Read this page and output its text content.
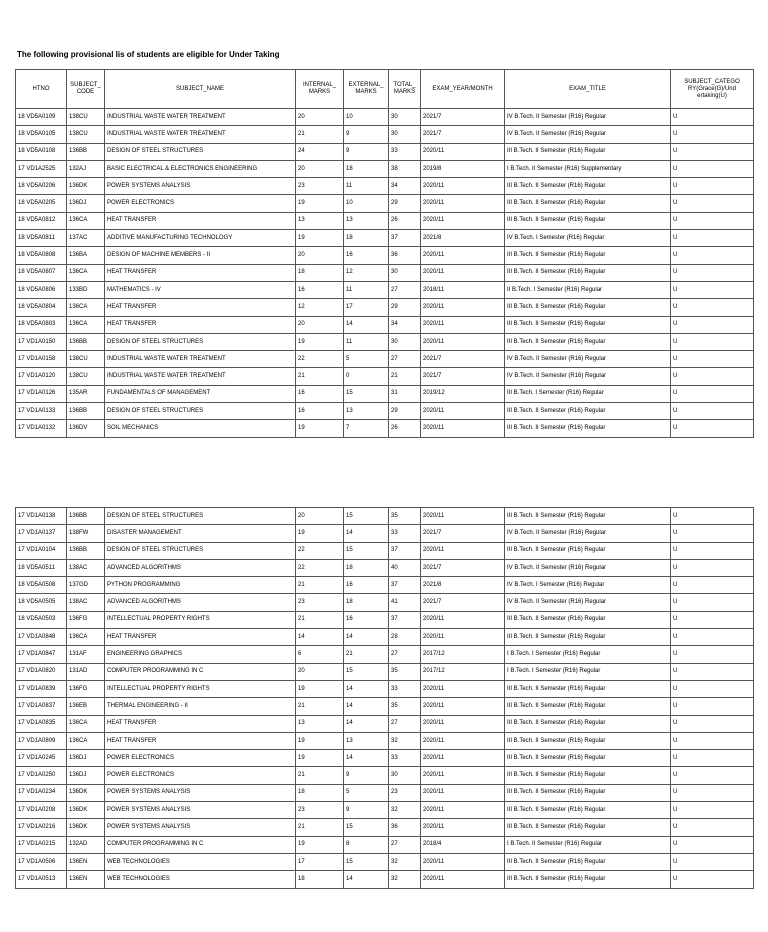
The following provisional lis of students are eligible for Under Taking
HTNO	SUBJECT_ CODE	SUBJECT_NAME	INTERNAL_ MARKS	EXTERNAL_ MARKS	TOTAL_ MARKS	EXAM_YEAR/MONTH	EXAM_TITLE	SUBJECT_CATEGO RY(Grace(G)/Und ertaking(U)
18 VD5A0109	138CU	INDUSTRIAL WASTE WATER TREATMENT	20	10	30	2021/7	IV B.Tech. II Semester (R16) Regular	U
18 VD5A0105	138CU	INDUSTRIAL WASTE WATER TREATMENT	21	9	30	2021/7	IV B.Tech. II Semester (R16) Regular	U
18 VD5A0108	136BB	DESIGN OF STEEL STRUCTURES	24	9	33	2020/11	III B.Tech. II Semester (R16) Regular	U
17 VD1A2525	132AJ	BASIC ELECTRICAL & ELECTRONICS ENGINEERING	20	18	38	2019/8	I B.Tech. II Semester (R16) Supplementary	U
18 VD5A0206	136DK	POWER SYSTEMS ANALYSIS	23	11	34	2020/11	III B.Tech. II Semester (R16) Regular	U
18 VD5A0205	136DJ	POWER ELECTRONICS	19	10	29	2020/11	III B.Tech. II Semester (R16) Regular	U
18 VD5A0812	136CA	HEAT TRANSFER	13	13	26	2020/11	III B.Tech. II Semester (R16) Regular	U
18 VD5A0811	137AC	ADDITIVE MANUFACTURING TECHNOLOGY	19	18	37	2021/8	IV B.Tech. I Semester (R16) Regular	U
18 VD5A0808	136BA	DESIGN OF MACHINE MEMBERS - II	20	16	36	2020/11	III B.Tech. II Semester (R16) Regular	U
18 VD5A0807	136CA	HEAT TRANSFER	18	12	30	2020/11	III B.Tech. II Semester (R16) Regular	U
18 VD5A0806	133BD	MATHEMATICS - IV	16	11	27	2018/11	II B.Tech. I Semester (R16) Regular	U
18 VD5A0804	136CA	HEAT TRANSFER	12	17	29	2020/11	III B.Tech. II Semester (R16) Regular	U
18 VD5A0803	136CA	HEAT TRANSFER	20	14	34	2020/11	III B.Tech. II Semester (R16) Regular	U
17 VD1A0150	136BB	DESIGN OF STEEL STRUCTURES	19	11	30	2020/11	III B.Tech. II Semester (R16) Regular	U
17 VD1A0158	138CU	INDUSTRIAL WASTE WATER TREATMENT	22	5	27	2021/7	IV B.Tech. II Semester (R16) Regular	U
17 VD1A0120	138CU	INDUSTRIAL WASTE WATER TREATMENT	21	0	21	2021/7	IV B.Tech. II Semester (R16) Regular	U
17 VD1A0126	135AR	FUNDAMENTALS OF MANAGEMENT	16	15	31	2019/12	III B.Tech. I Semester (R16) Regular	U
17 VD1A0133	136BB	DESIGN OF STEEL STRUCTURES	16	13	29	2020/11	III B.Tech. II Semester (R16) Regular	U
17 VD1A0132	136DV	SOIL MECHANICS	19	7	26	2020/11	III B.Tech. II Semester (R16) Regular	U
17 VD1A0138	136BB	DESIGN OF STEEL STRUCTURES	20	15	35	2020/11	III B.Tech. II Semester (R16) Regular	U
17 VD1A0137	138FW	DISASTER MANAGEMENT	19	14	33	2021/7	IV B.Tech. II Semester (R16) Regular	U
17 VD1A0104	136BB	DESIGN OF STEEL STRUCTURES	22	15	37	2020/11	III B.Tech. II Semester (R16) Regular	U
18 VD5A0511	138AC	ADVANCED ALGORITHMS	22	18	40	2021/7	IV B.Tech. II Semester (R16) Regular	U
18 VD5A0508	137GD	PYTHON PROGRAMMING	21	16	37	2021/8	IV B.Tech. I Semester (R16) Regular	U
18 VD5A0505	138AC	ADVANCED ALGORITHMS	23	18	41	2021/7	IV B.Tech. II Semester (R16) Regular	U
18 VD5A0503	136FG	INTELLECTUAL PROPERTY RIGHTS	21	16	37	2020/11	III B.Tech. II Semester (R16) Regular	U
17 VD1A0848	136CA	HEAT TRANSFER	14	14	28	2020/11	III B.Tech. II Semester (R16) Regular	U
17 VD1A0847	131AF	ENGINEERING GRAPHICS	6	21	27	2017/12	I B.Tech. I Semester (R16) Regular	U
17 VD1A0820	131AD	COMPUTER PROGRAMMING IN C	20	15	35	2017/12	I B.Tech. I Semester (R16) Regular	U
17 VD1A0839	136FG	INTELLECTUAL PROPERTY RIGHTS	19	14	33	2020/11	III B.Tech. II Semester (R16) Regular	U
17 VD1A0837	136EB	THERMAL ENGINEERING - II	21	14	35	2020/11	III B.Tech. II Semester (R16) Regular	U
17 VD1A0835	136CA	HEAT TRANSFER	13	14	27	2020/11	III B.Tech. II Semester (R16) Regular	U
17 VD1A0809	136CA	HEAT TRANSFER	19	13	32	2020/11	III B.Tech. II Semester (R16) Regular	U
17 VD1A0245	136DJ	POWER ELECTRONICS	19	14	33	2020/11	III B.Tech. II Semester (R16) Regular	U
17 VD1A0250	136DJ	POWER ELECTRONICS	21	9	30	2020/11	III B.Tech. II Semester (R16) Regular	U
17 VD1A0234	136DK	POWER SYSTEMS ANALYSIS	18	5	23	2020/11	III B.Tech. II Semester (R16) Regular	U
17 VD1A0208	136DK	POWER SYSTEMS ANALYSIS	23	9	32	2020/11	III B.Tech. II Semester (R16) Regular	U
17 VD1A0216	136DK	POWER SYSTEMS ANALYSIS	21	15	36	2020/11	III B.Tech. II Semester (R16) Regular	U
17 VD1A0215	132AD	COMPUTER PROGRAMMING IN C	19	8	27	2018/4	I B.Tech. II Semester (R16) Regular	U
17 VD1A0506	136EN	WEB TECHNOLOGIES	17	15	32	2020/11	III B.Tech. II Semester (R16) Regular	U
17 VD1A0513	136EN	WEB TECHNOLOGIES	18	14	32	2020/11	III B.Tech. II Semester (R16) Regular	U
